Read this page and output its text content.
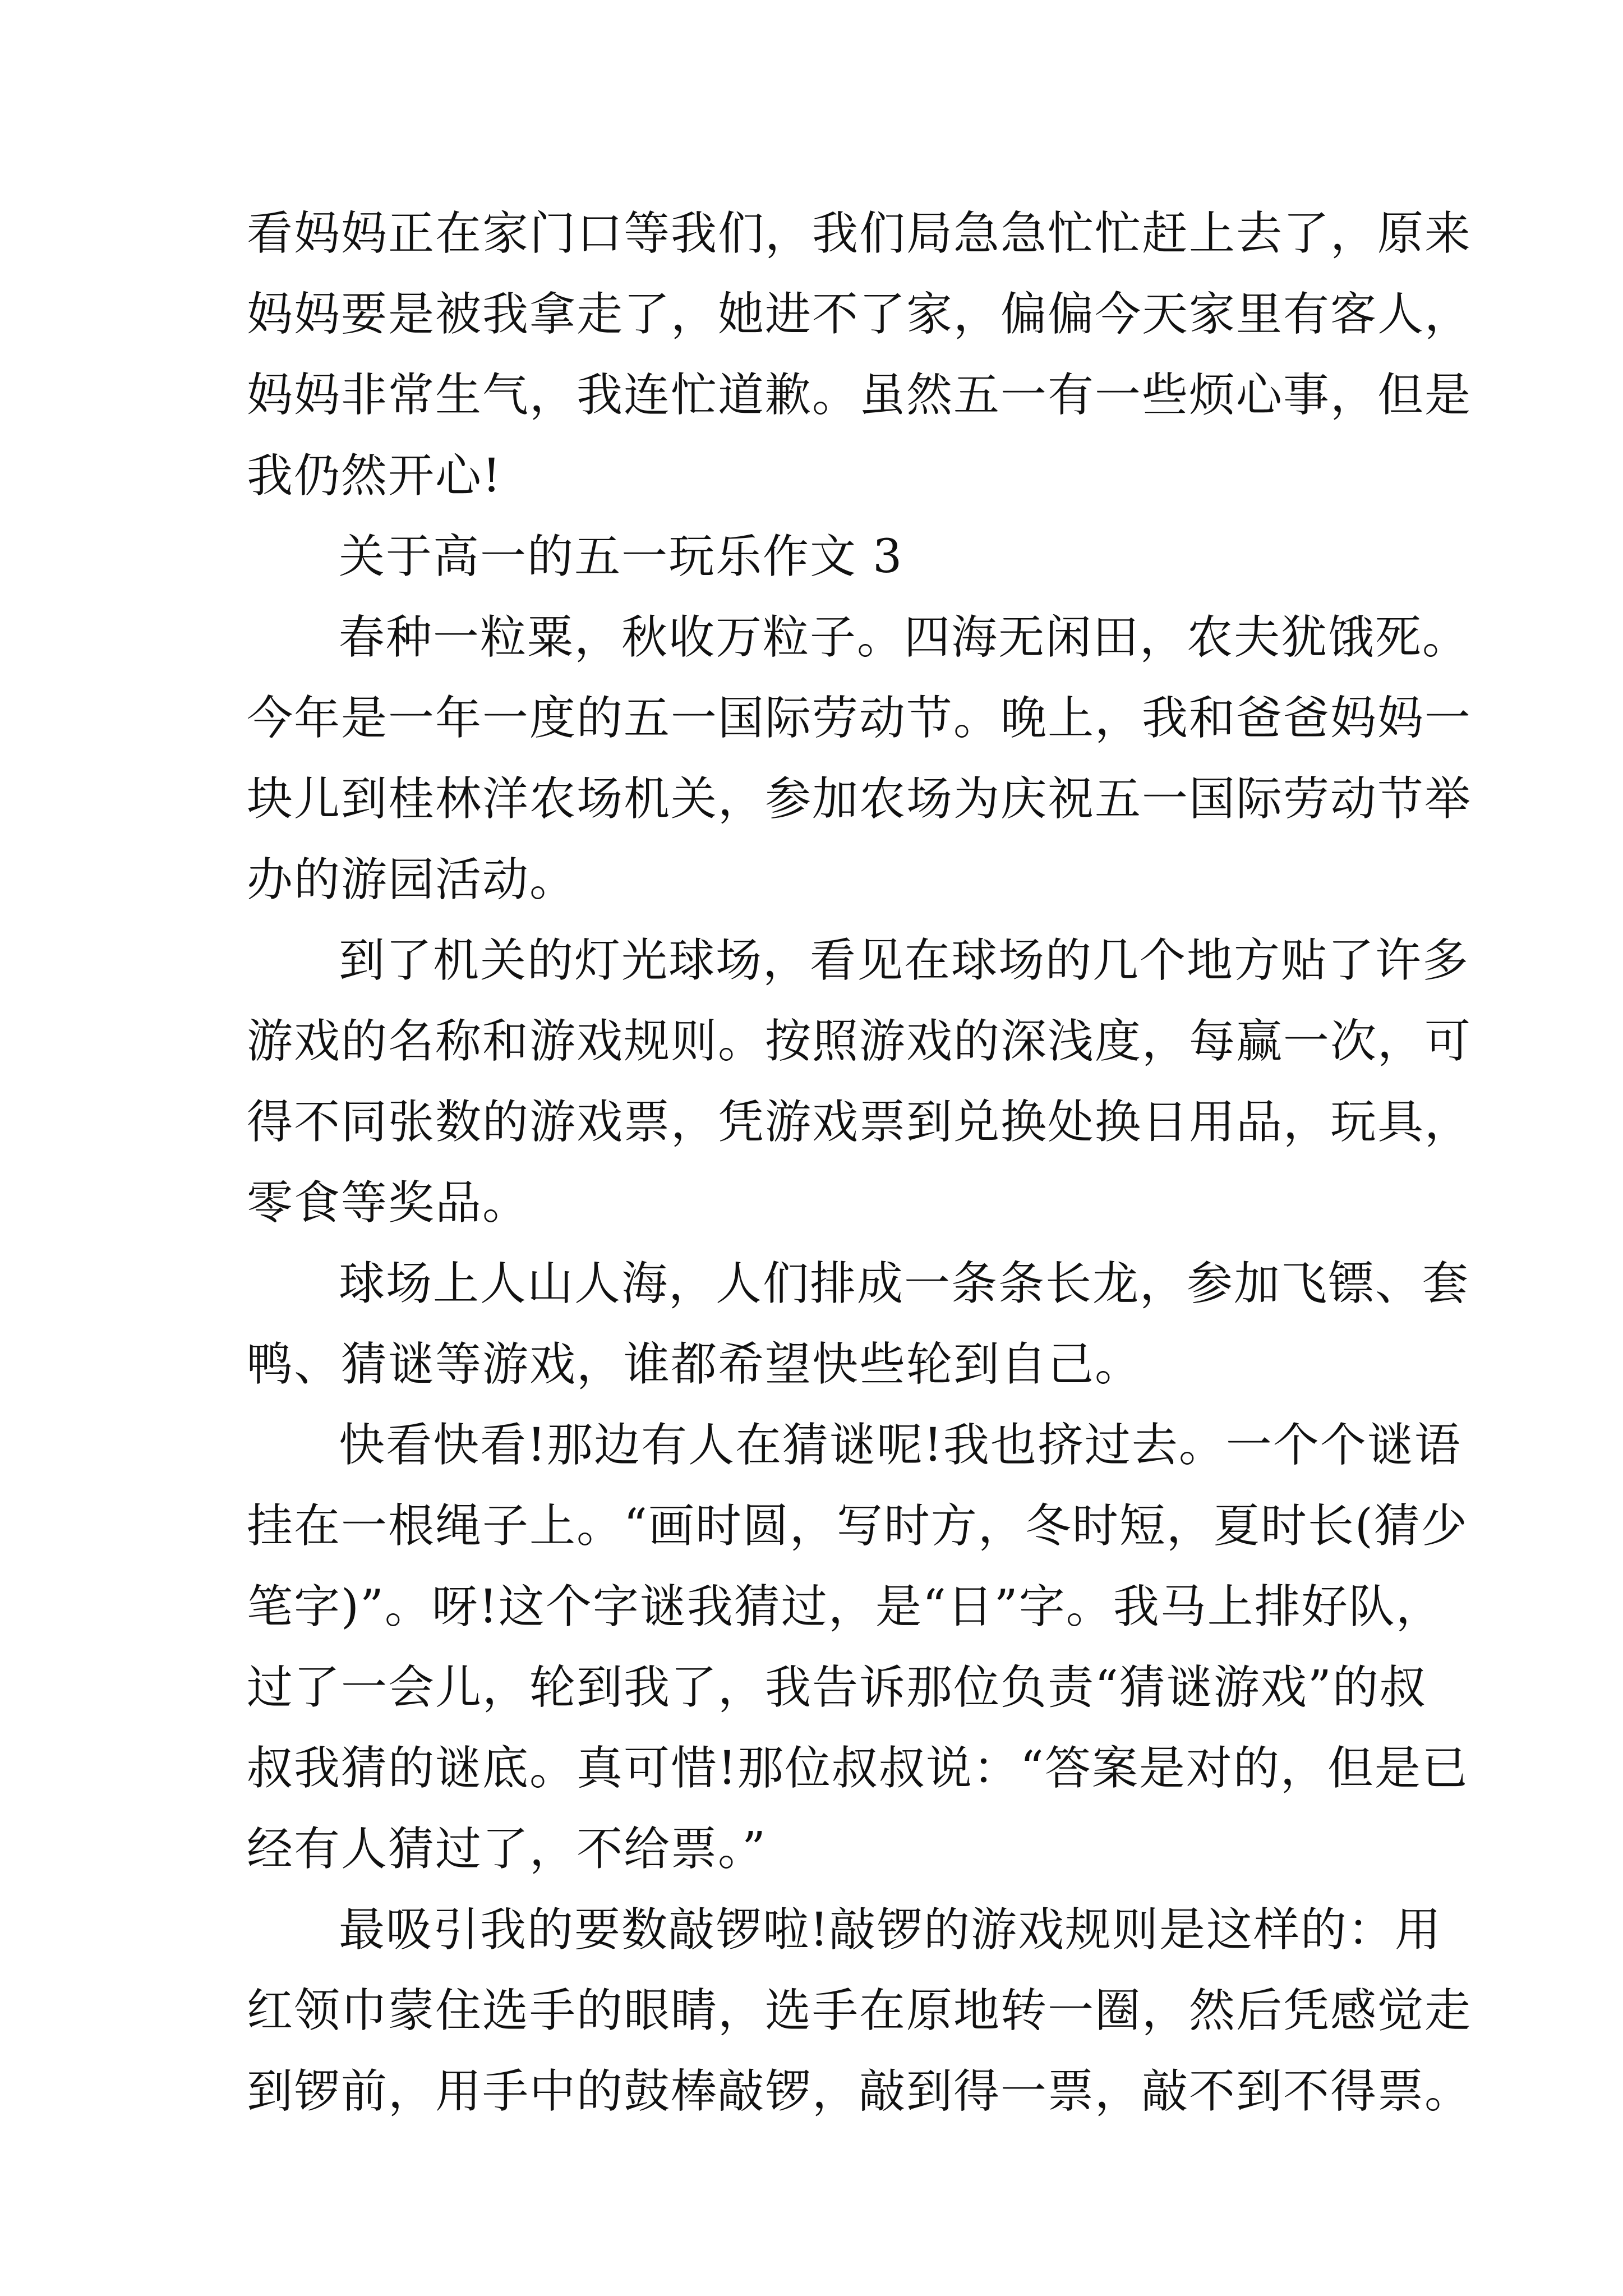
看妈妈正在家门口等我们，我们局急急忙忙赶上去了，原来
妈妈要是被我拿走了，她进不了家，偏偏今天家里有客人，
妈妈非常生气，我连忙道歉。虽然五一有一些烦心事，但是
我仍然开心!
关于高一的五一玩乐作文 3
春种一粒粟，秋收万粒子。四海无闲田，农夫犹饿死。
今年是一年一度的五一国际劳动节。晚上，我和爸爸妈妈一
块儿到桂林洋农场机关，参加农场为庆祝五一国际劳动节举
办的游园活动。
到了机关的灯光球场，看见在球场的几个地方贴了许多
游戏的名称和游戏规则。按照游戏的深浅度，每赢一次，可
得不同张数的游戏票，凭游戏票到兑换处换日用品，玩具，
零食等奖品。
球场上人山人海，人们排成一条条长龙，参加飞镖、套
鸭、猜谜等游戏，谁都希望快些轮到自己。
快看快看!那边有人在猜谜呢!我也挤过去。一个个谜语
挂在一根绳子上。“画时圆，写时方，冬时短，夏时长(猜少
笔字)”。呀!这个字谜我猜过，是“日”字。我马上排好队，
过了一会儿，轮到我了，我告诉那位负责“猜谜游戏”的叔
叔我猜的谜底。真可惜!那位叔叔说：“答案是对的，但是已
经有人猜过了，不给票。”
最吸引我的要数敲锣啦!敲锣的游戏规则是这样的：用
红领巾蒙住选手的眼睛，选手在原地转一圈，然后凭感觉走
到锣前，用手中的鼓棒敲锣，敲到得一票，敲不到不得票。
